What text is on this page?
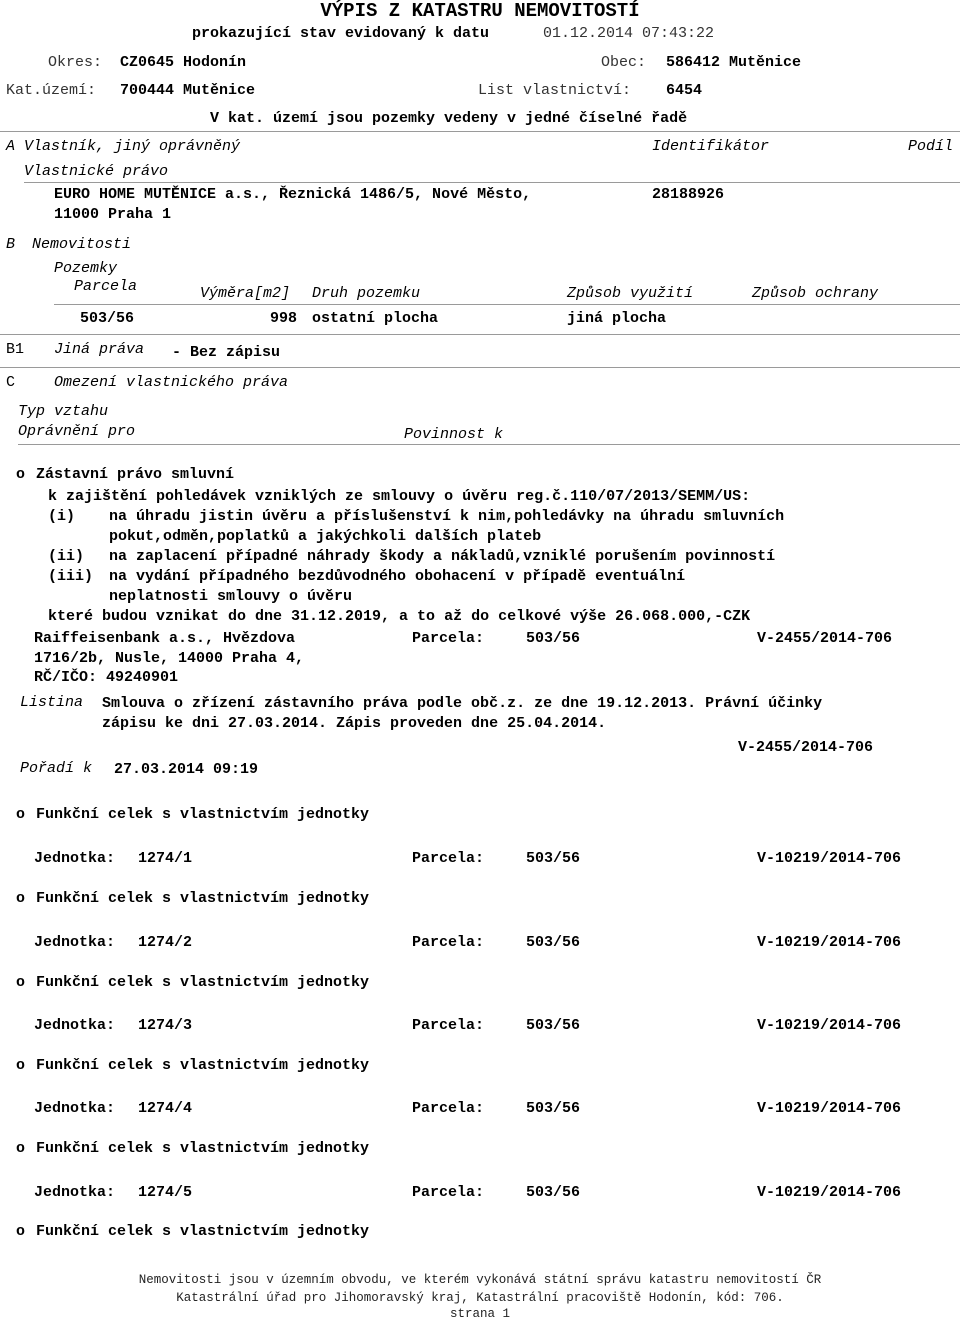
VÝPIS Z KATASTRU NEMOVITOSTÍ
prokazující stav evidovaný k datu	01.12.2014 07:43:22
Okres: CZ0645 Hodonín	Obec: 586412 Mutěnice
Kat.území: 700444 Mutěnice	List vlastnictví: 6454
V kat. území jsou pozemky vedeny v jedné číselné řadě
A Vlastník, jiný oprávněný	Identifikátor	Podíl
Vlastnické právo
EURO HOME MUTĚNICE a.s., Řeznická 1486/5, Nové Město,
11000 Praha 1
28188926
B Nemovitosti
Pozemky
Parcela	Výměra[m2] Druh pozemku	Způsob využití	Způsob ochrany
503/56	998 ostatní plocha	jiná plocha
B1 Jiná práva - Bez zápisu
C	Omezení vlastnického práva
Typ vztahu
Oprávnění pro	Povinnost k
o Zástavní právo smluvní
k zajištění pohledávek vzniklých ze smlouvy o úvěru reg.č.110/07/2013/SEMM/US:
(i) na úhradu jistin úvěru a příslušenství k nim,pohledávky na úhradu smluvních
pokut,odměn,poplatků a jakýchkoli dalších plateb
(ii) na zaplacení případné náhrady škody a nákladů,vzniklé porušením povinností
(iii) na vydání případného bezdůvodného obohacení v případě eventuální
neplatnosti smlouvy o úvěru
které budou vznikat do dne 31.12.2019, a to až do celkové výše 26.068.000,-CZK
Raiffeisenbank a.s., Hvězdova
1716/2b, Nusle, 14000 Praha 4,
RČ/IČO: 49240901
Parcela:	503/56	V-2455/2014-706
Listina Smlouva o zřízení zástavního práva podle obč.z. ze dne 19.12.2013. Právní účinky
zápisu ke dni 27.03.2014. Zápis proveden dne 25.04.2014.
V-2455/2014-706
Pořadí k 27.03.2014 09:19
o Funkční celek s vlastnictvím jednotky
Jednotka: 1274/1	Parcela:	503/56	V-10219/2014-706
o Funkční celek s vlastnictvím jednotky
Jednotka: 1274/2	Parcela:	503/56	V-10219/2014-706
o Funkční celek s vlastnictvím jednotky
Jednotka: 1274/3	Parcela:	503/56	V-10219/2014-706
o Funkční celek s vlastnictvím jednotky
Jednotka: 1274/4	Parcela:	503/56	V-10219/2014-706
o Funkční celek s vlastnictvím jednotky
Jednotka: 1274/5	Parcela:	503/56	V-10219/2014-706
o Funkční celek s vlastnictvím jednotky
Nemovitosti jsou v územním obvodu, ve kterém vykonává státní správu katastru nemovitostí ČR
Katastrální úřad pro Jihomoravský kraj, Katastrální pracoviště Hodonín, kód: 706.
strana 1
